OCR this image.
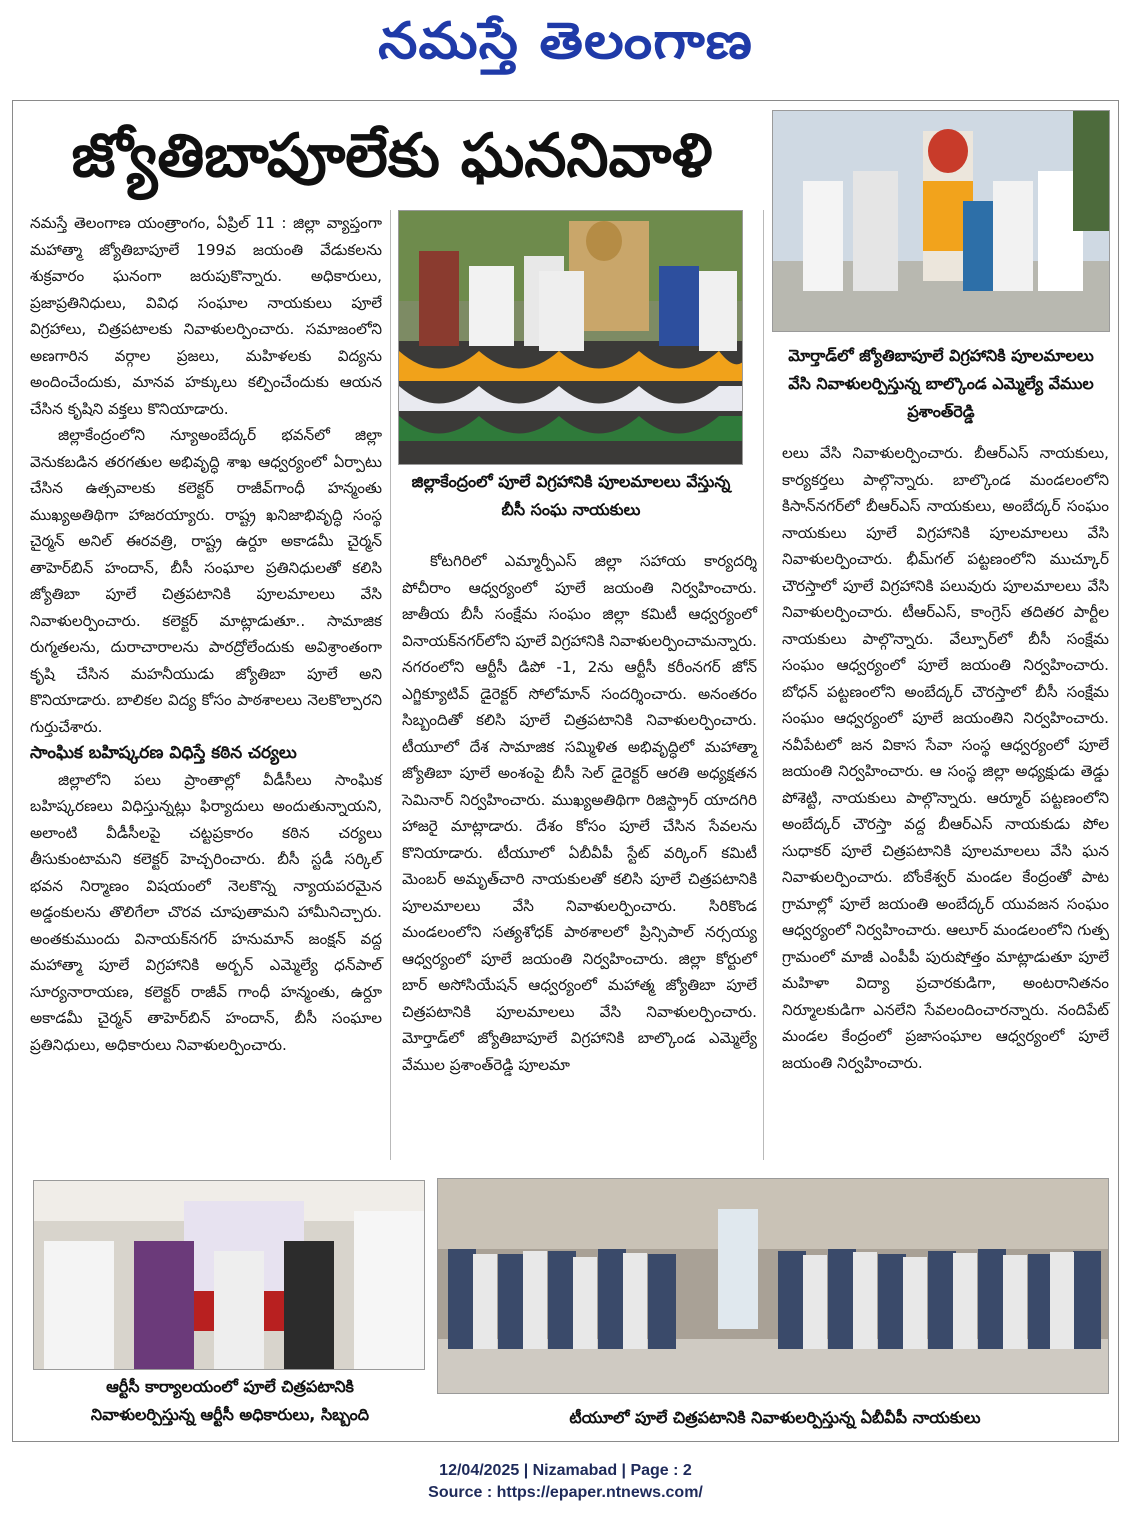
నమస్తే తెలంగాణ
జ్యోతిబాపూలేకు ఘననివాళి
జిల్లాకేంద్రంలో పూలే విగ్రహానికి పూలమాలలు వేస్తున్న బీసీ సంఘ నాయకులు
మోర్తాడ్‌లో జ్యోతిబాపూలే విగ్రహానికి పూలమాలలు వేసి నివాళులర్పిస్తున్న బాల్కొండ ఎమ్మెల్యే వేముల ప్రశాంత్‌రెడ్డి

నమస్తే తెలంగాణ యంత్రాంగం, ఏప్రిల్ 11 : జిల్లా వ్యాప్తంగా మహాత్మా జ్యోతిబాపూలే 199వ జయంతి వేడుకలను శుక్రవారం ఘనంగా జరుపుకొన్నారు. అధికారులు, ప్రజాప్రతినిధులు, వివిధ సంఘాల నాయకులు పూలే విగ్రహాలు, చిత్రపటాలకు నివాళులర్పించారు. సమాజంలోని అణగారిన వర్గాల ప్రజలు, మహిళలకు విద్యను అందించేందుకు, మానవ హక్కులు కల్పించేందుకు ఆయన చేసిన కృషిని వక్తలు కొనియాడారు.

జిల్లాకేంద్రంలోని న్యూఅంబేద్కర్ భవన్‌లో జిల్లా వెనుకబడిన తరగతుల అభివృద్ధి శాఖ ఆధ్వర్యంలో ఏర్పాటు చేసిన ఉత్సవాలకు కలెక్టర్ రాజీవ్‌గాంధీ హన్మంతు ముఖ్యఅతిథిగా హాజరయ్యారు. రాష్ట్ర ఖనిజాభివృద్ధి సంస్థ చైర్మన్ అనిల్ ఈరవత్రి, రాష్ట్ర ఉర్దూ అకాడమీ చైర్మన్ తాహెర్‌బిన్ హందాన్, బీసీ సంఘాల ప్రతినిధులతో కలిసి జ్యోతిబా పూలే చిత్రపటానికి పూలమాలలు వేసి నివాళులర్పించారు. కలెక్టర్ మాట్లాడుతూ.. సామాజిక రుగ్మతలను, దురాచారాలను పారద్రోలేందుకు అవిశ్రాంతంగా కృషి చేసిన మహనీయుడు జ్యోతిబా పూలే అని కొనియాడారు. బాలికల విద్య కోసం పాఠశాలలు నెలకొల్పారని గుర్తుచేశారు.

సాంఘిక బహిష్కరణ విధిస్తే కఠిన చర్యలు

జిల్లాలోని పలు ప్రాంతాల్లో వీడీసీలు సాంఘిక బహిష్కరణలు విధిస్తున్నట్లు ఫిర్యాదులు అందుతున్నాయని, అలాంటి వీడీసీలపై చట్టప్రకారం కఠిన చర్యలు తీసుకుంటామని కలెక్టర్ హెచ్చరించారు. బీసీ స్టడీ సర్కిల్ భవన నిర్మాణం విషయంలో నెలకొన్న న్యాయపరమైన అడ్డంకులను తొలిగేలా చొరవ చూపుతామని హామీనిచ్చారు. అంతకుముందు వినాయక్‌నగర్ హనుమాన్ జంక్షన్ వద్ద మహాత్మా పూలే విగ్రహానికి అర్బన్ ఎమ్మెల్యే ధన్‌పాల్ సూర్యనారాయణ, కలెక్టర్ రాజీవ్ గాంధీ హన్మంతు, ఉర్దూ అకాడమీ చైర్మన్ తాహెర్‌బిన్ హందాన్, బీసీ సంఘాల ప్రతినిధులు, అధికారులు నివాళులర్పించారు.

కోటగిరిలో ఎమ్మార్పీఎస్ జిల్లా సహాయ కార్యదర్శి పోచీరాం ఆధ్వర్యంలో పూలే జయంతి నిర్వహించారు. జాతీయ బీసీ సంక్షేమ సంఘం జిల్లా కమిటీ ఆధ్వర్యంలో వినాయక్‌నగర్‌లోని పూలే విగ్రహానికి నివాళులర్పించామన్నారు. నగరంలోని ఆర్టీసీ డిపో -1, 2ను ఆర్టీసీ కరీంనగర్ జోన్ ఎగ్జిక్యూటివ్ డైరెక్టర్ సోలోమాన్ సందర్శించారు. అనంతరం సిబ్బందితో కలిసి పూలే చిత్రపటానికి నివాళులర్పించారు. టీయూలో దేశ సామాజిక సమ్మిళిత అభివృద్ధిలో మహాత్మా జ్యోతిబా పూలే అంశంపై బీసీ సెల్ డైరెక్టర్ ఆరతి అధ్యక్షతన సెమినార్ నిర్వహించారు. ముఖ్యఅతిథిగా రిజిస్ట్రార్ యాదగిరి హాజరై మాట్లాడారు. దేశం కోసం పూలే చేసిన సేవలను కొనియాడారు. టీయూలో ఏబీవీపీ స్టేట్ వర్కింగ్ కమిటీ మెంబర్ అమృత్‌చారి నాయకులతో కలిసి పూలే చిత్రపటానికి పూలమాలలు వేసి నివాళులర్పించారు. సిరికొండ మండలంలోని సత్యశోధక్ పాఠశాలలో ప్రిన్సిపాల్ నర్సయ్య ఆధ్వర్యంలో పూలే జయంతి నిర్వహించారు. జిల్లా కోర్టులో బార్ అసోసియేషన్ ఆధ్వర్యంలో మహాత్మ జ్యోతిబా పూలే చిత్రపటానికి పూలమాలలు వేసి నివాళులర్పించారు. మోర్తాడ్‌లో జ్యోతిబాపూలే విగ్రహానికి బాల్కొండ ఎమ్మెల్యే వేముల ప్రశాంత్‌రెడ్డి పూలమా

లలు వేసి నివాళులర్పించారు. బీఆర్ఎస్ నాయకులు, కార్యకర్తలు పాల్గొన్నారు. బాల్కొండ మండలంలోని కిసాన్‌నగర్‌లో బీఆర్ఎస్ నాయకులు, అంబేద్కర్ సంఘం నాయకులు పూలే విగ్రహానికి పూలమాలలు వేసి నివాళులర్పించారు. భీమ్‌గల్ పట్టణంలోని ముచ్కూర్ చౌరస్తాలో పూలే విగ్రహానికి పలువురు పూలమాలలు వేసి నివాళులర్పించారు. టీఆర్ఎస్, కాంగ్రెస్ తదితర పార్టీల నాయకులు పాల్గొన్నారు. వేల్పూర్‌లో బీసీ సంక్షేమ సంఘం ఆధ్వర్యంలో పూలే జయంతి నిర్వహించారు. బోధన్ పట్టణంలోని అంబేద్కర్ చౌరస్తాలో బీసీ సంక్షేమ సంఘం ఆధ్వర్యంలో పూలే జయంతిని నిర్వహించారు. నవీపేటలో జన వికాస సేవా సంస్థ ఆధ్వర్యంలో పూలే జయంతి నిర్వహించారు. ఆ సంస్థ జిల్లా అధ్యక్షుడు తెడ్డు పోశెట్టి, నాయకులు పాల్గొన్నారు. ఆర్మూర్ పట్టణంలోని అంబేద్కర్ చౌరస్తా వద్ద బీఆర్ఎస్ నాయకుడు పోల సుధాకర్ పూలే చిత్రపటానికి పూలమాలలు వేసి ఘన నివాళులర్పించారు. బోంకేశ్వర్ మండల కేంద్రంతో పాట గ్రామాల్లో పూలే జయంతి అంబేద్కర్ యువజన సంఘం ఆధ్వర్యంలో నిర్వహించారు. ఆలూర్ మండలంలోని గుత్ప గ్రామంలో మాజీ ఎంపీపీ పురుషోత్తం మాట్లాడుతూ పూలే మహిళా విద్యా ప్రచారకుడిగా, అంటరానితనం నిర్మూలకుడిగా ఎనలేని సేవలందించారన్నారు. నందిపేట్ మండల కేంద్రంలో ప్రజాసంఘాల ఆధ్వర్యంలో పూలే జయంతి నిర్వహించారు.

ఆర్టీసీ కార్యాలయంలో పూలే చిత్రపటానికి నివాళులర్పిస్తున్న ఆర్టీసీ అధికారులు, సిబ్బంది	టీయూలో పూలే చిత్రపటానికి నివాళులర్పిస్తున్న ఏబీవీపీ నాయకులు
12/04/2025 | Nizamabad | Page : 2
Source : https://epaper.ntnews.com/
